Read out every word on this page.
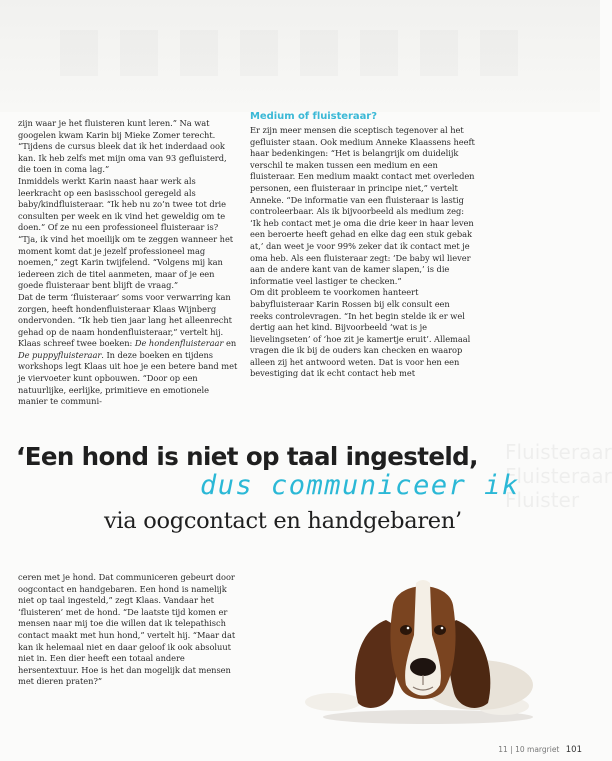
zijn waar je het fluisteren kunt leren.” Na wat googelen kwam Karin bij Mieke Zomer terecht. “Tijdens de cursus bleek dat ik het inderdaad ook kan. Ik heb zelfs met mijn oma van 93 gefluisterd, die toen in coma lag.”

Inmiddels werkt Karin naast haar werk als leerkracht op een basisschool geregeld als baby/kindfluisteraar. “Ik heb nu zo’n twee tot drie consulten per week en ik vind het geweldig om te doen.” Of ze nu een professioneel fluisteraar is? “Tja, ik vind het moeilijk om te zeggen wanneer het moment komt dat je jezelf professioneel mag noemen,” zegt Karin twijfelend. “Volgens mij kan iedereen zich de titel aanmeten, maar of je een goede fluisteraar bent blijft de vraag.”

Dat de term ‘fluisteraar’ soms voor verwarring kan zorgen, heeft hondenfluisteraar Klaas Wijnberg ondervonden. “Ik heb tien jaar lang het alleenrecht gehad op de naam hondenfluisteraar,” vertelt hij. Klaas schreef twee boeken: De hondenfluisteraar en De puppyfluisteraar. In deze boeken en tijdens workshops legt Klaas uit hoe je een betere band met je viervoeter kunt opbouwen. “Door op een natuurlijke, eerlijke, primitieve en emotionele manier te communi-

Medium of fluisteraar?

Er zijn meer mensen die sceptisch tegenover al het gefluister staan. Ook medium Anneke Klaassens heeft haar bedenkingen: “Het is belangrijk om duidelijk verschil te maken tussen een medium en een fluisteraar. Een medium maakt contact met overleden personen, een fluisteraar in principe niet,” vertelt Anneke. “De informatie van een fluisteraar is lastig controleerbaar. Als ik bijvoorbeeld als medium zeg: ‘Ik heb contact met je oma die drie keer in haar leven een beroerte heeft gehad en elke dag een stuk gebak at,’ dan weet je voor 99% zeker dat ik contact met je oma heb. Als een fluisteraar zegt: ‘De baby wil liever aan de andere kant van de kamer slapen,’ is die informatie veel lastiger te checken.”

Om dit probleem te voorkomen hanteert babyfluisteraar Karin Rossen bij elk consult een reeks controlevragen. “In het begin stelde ik er wel dertig aan het kind. Bijvoorbeeld ‘wat is je lievelingseten’ of ‘hoe zit je kamertje eruit’. Allemaal vragen die ik bij de ouders kan checken en waarop alleen zij het antwoord weten. Dat is voor hen een bevestiging dat ik echt contact heb met

Fluisteraar
Fluisteraar
Fluister
‘Een hond is niet op taal ingesteld,
dus communiceer ik
via oogcontact en handgebaren’

ceren met je hond. Dat communiceren gebeurt door oogcontact en handgebaren. Een hond is namelijk niet op taal ingesteld,” zegt Klaas. Vandaar het ‘fluisteren’ met de hond. “De laatste tijd komen er mensen naar mij toe die willen dat ik telepathisch contact maakt met hun hond,” vertelt hij. “Maar dat kan ik helemaal niet en daar geloof ik ook absoluut niet in. Een dier heeft een totaal andere hersentextuur. Hoe is het dan mogelijk dat mensen met dieren praten?”

11 | 10 margriet 101
